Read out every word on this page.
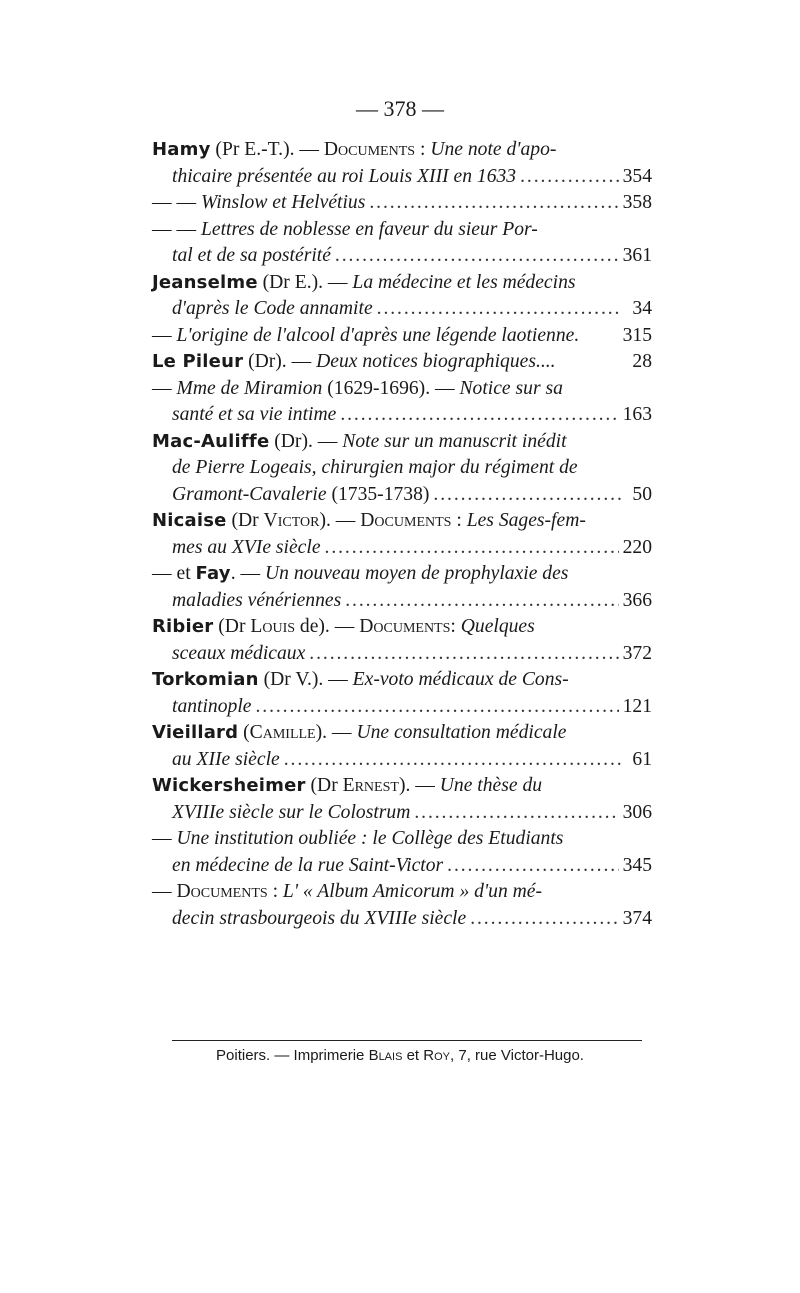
— 378 —
Hamy (Pr E.-T.). — Documents : Une note d'apo-
thicaire présentée au roi Louis XIII en 1633 . . .	354
— — Winslow et Helvétius . . .	358
— — Lettres de noblesse en faveur du sieur Por-
tal et de sa postérité . . .	361
Jeanselme (Dr E.). — La médecine et les médecins
d'après le Code annamite . . .	34
— L'origine de l'alcool d'après une légende laotienne. 315
Le Pileur (Dr). — Deux notices biographiques....	28
— Mme de Miramion (1629-1696). — Notice sur sa
santé et sa vie intime . . .	163
Mac-Auliffe (Dr). — Note sur un manuscrit inédit
de Pierre Logeais, chirurgien major du régiment de
Gramont-Cavalerie (1735-1738) . . .	50
Nicaise (Dr Victor ). — Documents : Les Sages-fem-
mes au XVIe siècle . . .	220
— et Fay . — Un nouveau moyen de prophylaxie des
maladies vénériennes . . .	366
Ribier (Dr Louis de). — Documents : Quelques
sceaux médicaux . . .	372
Torkomian (Dr V.). — Ex-voto médicaux de Cons-
tantinople . . .	121
Vieillard ( Camille ). — Une consultation médicale
au XIIe siècle . . .	61
Wickersheimer (Dr Ernest ). — Une thèse du
XVIIIe siècle sur le Colostrum . . .	306
— Une institution oubliée : le Collège des Etudiants
en médecine de la rue Saint-Victor . . .	345
— Documents : L' « Album Amicorum » d'un mé-
decin strasbourgeois du XVIIIe siècle . . .	374
Poitiers. — Imprimerie Blais et Roy, 7, rue Victor-Hugo.
